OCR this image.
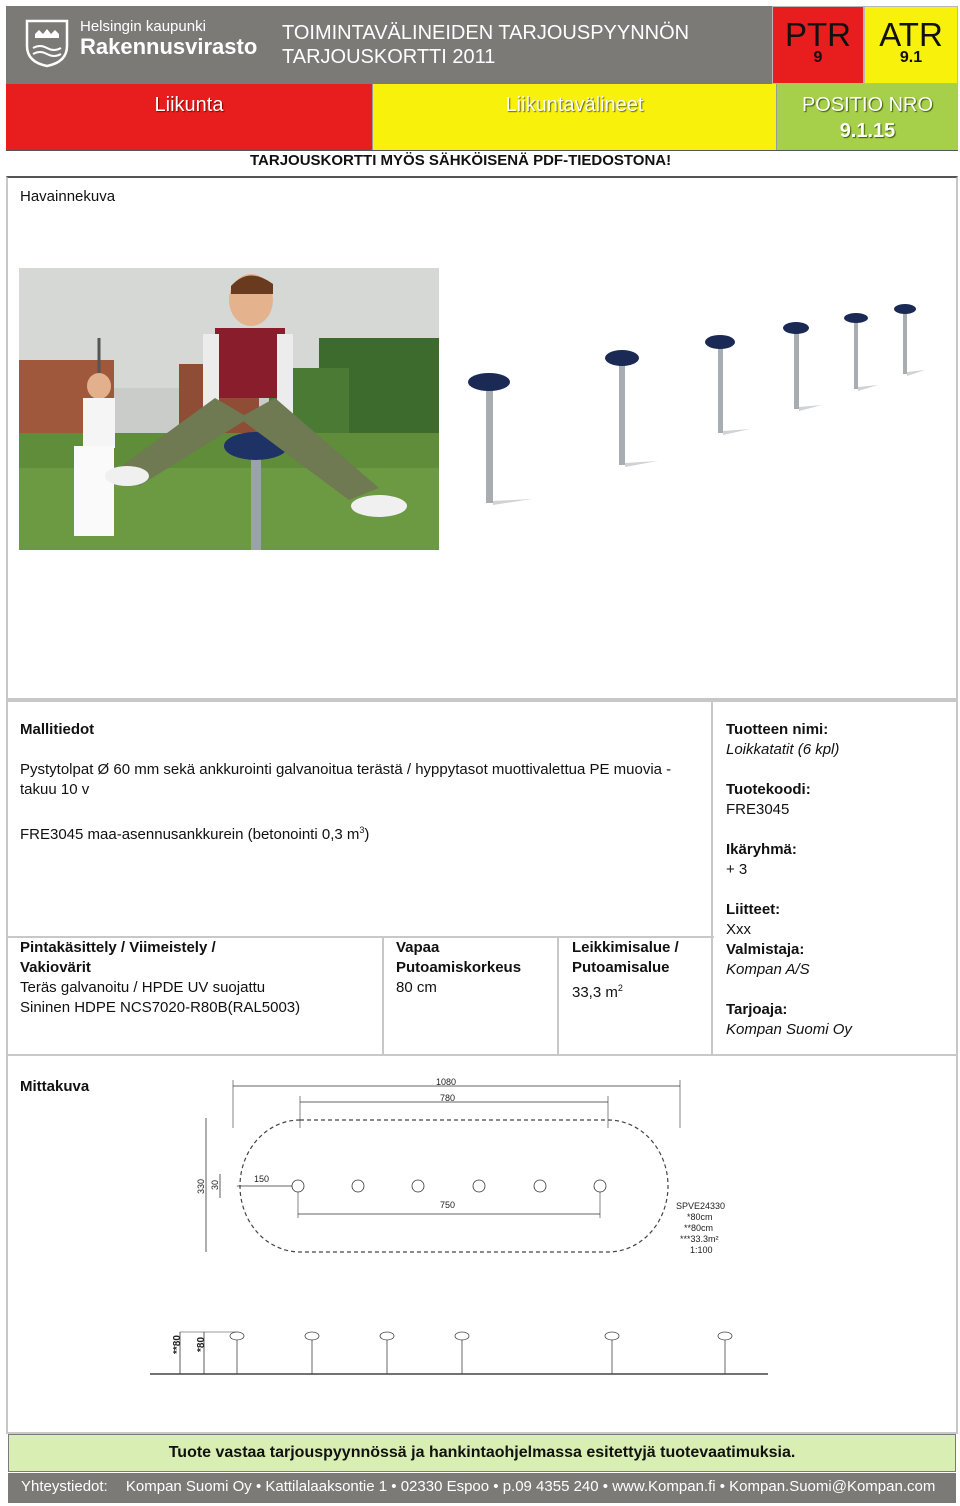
Helsingin kaupunki
Rakennusvirasto
TOIMINTAVÄLINEIDEN TARJOUSPYYNNÖN
TARJOUSKORTTI 2011
PTR
9
ATR
9.1
Liikunta	Liikuntavälineet	POSITIO NRO
9.1.15
TARJOUSKORTTI MYÖS SÄHKÖISENÄ PDF-TIEDOSTONA!
Havainnekuva
Mallitiedot
Pystytolpat Ø 60 mm sekä ankkurointi galvanoitua terästä / hyppytasot muottivalettua PE muovia - takuu 10 v
FRE3045 maa-asennusankkurein (betonointi 0,3 $m^3$)
Tuotteen nimi:
Loikkatatit (6 kpl)
Tuotekoodi:
FRE3045
Ikäryhmä:
+ 3
Liitteet:
Xxx
Valmistaja:
Kompan A/S
Tarjoaja:
Kompan Suomi Oy
Pintakäsittely / Viimeistely /
Vakiovärit
Teräs galvanoitu / HPDE UV suojattu
Sininen HDPE NCS7020-R80B(RAL5003)
Vapaa
Putoamiskorkeus
80 cm
Leikkimisalue /
Putoamisalue
33,3 $m^2$
Mittakuva	1080
780
330 30
150
750	SPVE24330
*80cm
**80cm
***33.3m²
1:100
**80 *80
Tuote vastaa tarjouspyynnössä ja hankintaohjelmassa esitettyjä tuotevaatimuksia.
Yhteystiedot: Kompan Suomi Oy • Kattilalaaksontie 1 • 02330 Espoo • p.09 4355 240 • www.Kompan.fi • Kompan.Suomi@Kompan.com
